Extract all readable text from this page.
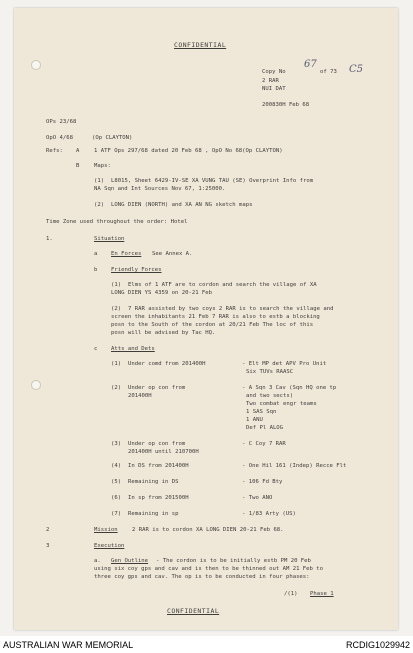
CONFIDENTIAL
Copy No
67
of 73 C5
2 RAR
NUI DAT
200830H Feb 68
OPs 23/68
OpO 4/68	(Op CLAYTON)
Refs: A	1 ATF Ops 297/68 dated 20 Feb 68 , OpO No 68(Op CLAYTON)
B	Maps:
(1) L8015, Sheet 6429-IV-SE XA VUNG TAU (SE) Overprint Info from
NA Sqn and Int Sources Nov 67, 1:25000.
(2) LONG DIEN (NORTH) and XA AN NG sketch maps
Time Zone used throughout the order: Hotel
1.	Situation
a En Forces See Annex A.
b Friendly Forces
(1) Elms of 1 ATF are to cordon and search the village of XA
LONG DIEN YS 4359 on 20-21 Feb
(2) 7 RAR assisted by two coys 2 RAR is to search the village and
screen the inhabitants 21 Feb 7 RAR is also to estb a blocking
posn to the South of the cordon at 20/21 Feb The loc of this
posn will be advised by Tac HQ.
c Atts and Dets
(1) Under comd from 201400H	- Elt MP det APV Pro Unit
Six TUVs RAASC
(2) Under op con from
201400H
- A Sqn 3 Cav (Sqn HQ one tp
and two sects)
Two combat engr teams
1 SAS Sqn
1 ANU
Def Pl ALOG
(3) Under op con from
201400H until 210700H
- C Coy 7 RAR
(4) In DS from 201400H	- One Hil 161 (Indep) Recce Flt
(5) Remaining in DS	- 106 Fd Bty
(6) In sp from 201500H	- Two ANO
(7) Remaining in sp	- 1/83 Arty (US)
2	Mission	2 RAR is to cordon XA LONG DIEN 20-21 Feb 68.
3	Execution
a. Gen Outline - The cordon is to be initially estb PM 20 Feb
using six coy gps and cav and is then to be thinned out AM 21 Feb to
three coy gps and cav. The op is to be conducted in four phases:
/(1) Phase 1
CONFIDENTIAL
AUSTRALIAN WAR MEMORIAL	RCDIG1029942
